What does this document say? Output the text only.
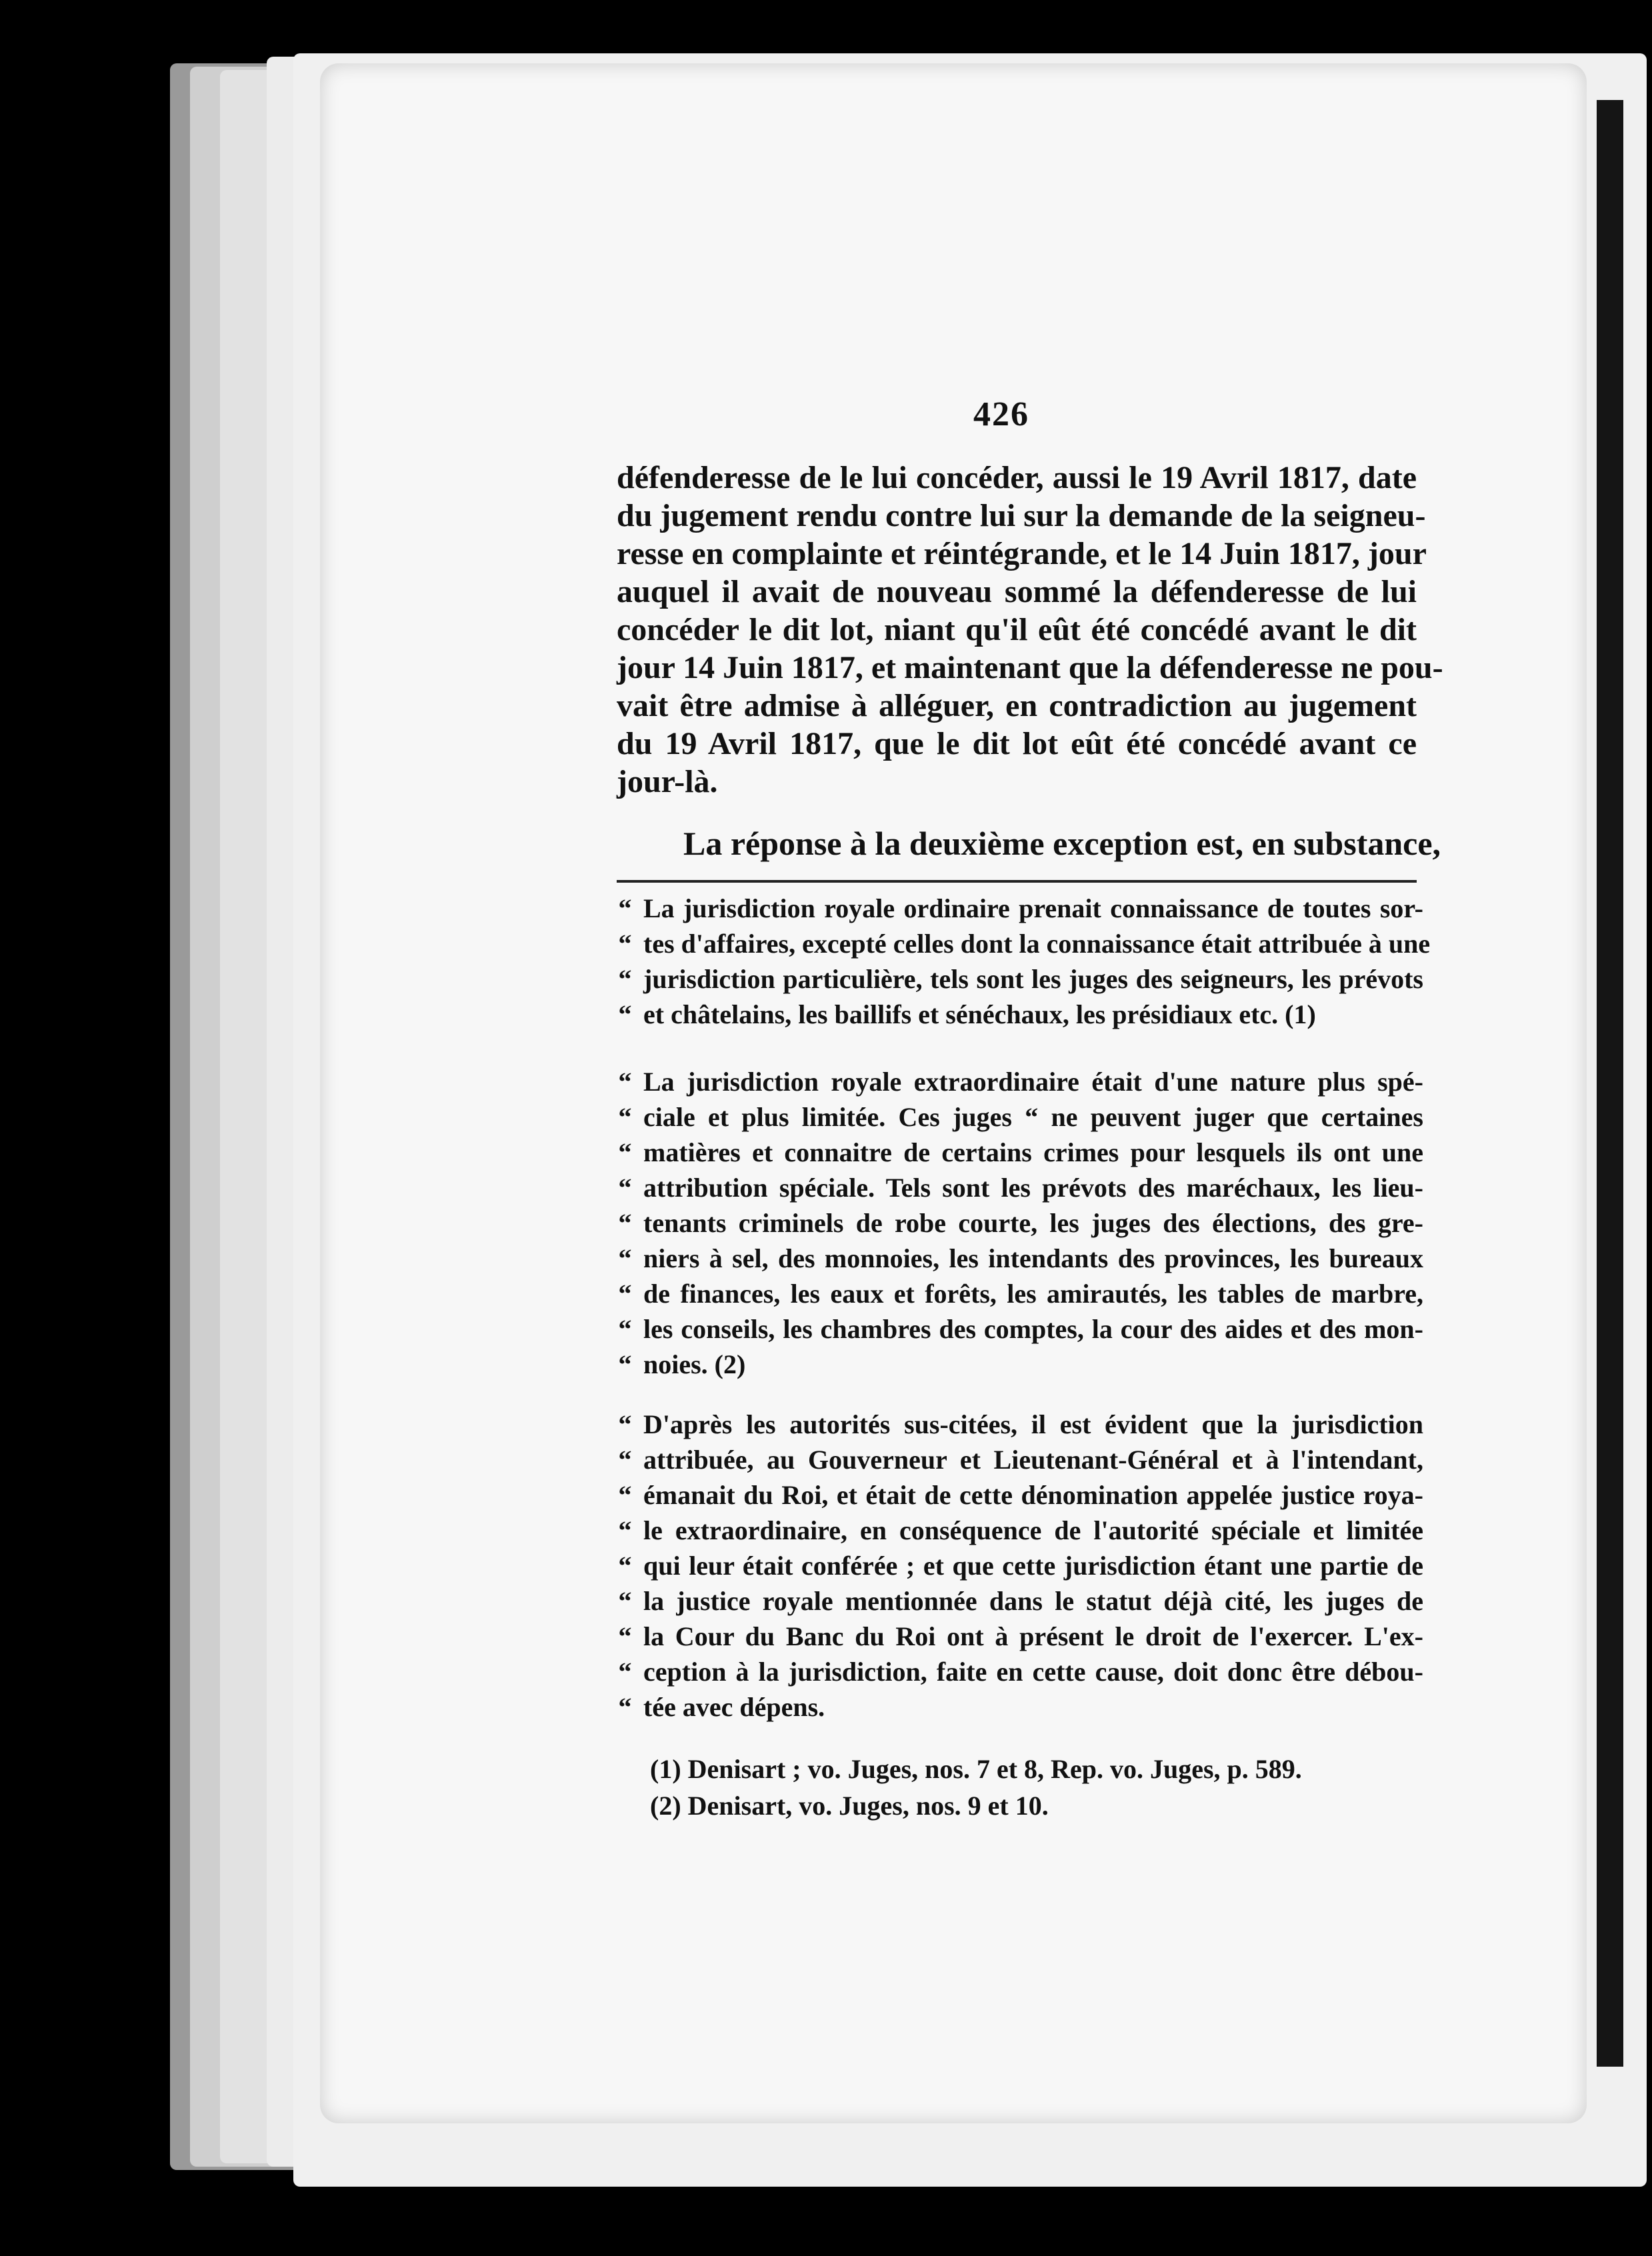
426
défenderesse de le lui concéder, aussi le 19 Avril 1817, date
du jugement rendu contre lui sur la demande de la seigneu-
resse en complainte et réintégrande, et le 14 Juin 1817, jour
auquel il avait de nouveau sommé la défenderesse de lui
concéder le dit lot, niant qu'il eût été concédé avant le dit
jour 14 Juin 1817, et maintenant que la défenderesse ne pou-
vait être admise à alléguer, en contradiction au jugement
du 19 Avril 1817, que le dit lot eût été concédé avant ce
jour-là.
La réponse à la deuxième exception est, en substance,
“ La jurisdiction royale ordinaire prenait connaissance de toutes sor-
“ tes d'affaires, excepté celles dont la connaissance était attribuée à une
“ jurisdiction particulière, tels sont les juges des seigneurs, les prévots
“ et châtelains, les baillifs et sénéchaux, les présidiaux etc. (1)
“ La jurisdiction royale extraordinaire était d'une nature plus spé-
“ ciale et plus limitée. Ces juges “ ne peuvent juger que certaines
“ matières et connaitre de certains crimes pour lesquels ils ont une
“ attribution spéciale. Tels sont les prévots des maréchaux, les lieu-
“ tenants criminels de robe courte, les juges des élections, des gre-
“ niers à sel, des monnoies, les intendants des provinces, les bureaux
“ de finances, les eaux et forêts, les amirautés, les tables de marbre,
“ les conseils, les chambres des comptes, la cour des aides et des mon-
“ noies. (2)
“ D'après les autorités sus-citées, il est évident que la jurisdiction
“ attribuée, au Gouverneur et Lieutenant-Général et à l'intendant,
“ émanait du Roi, et était de cette dénomination appelée justice roya-
“ le extraordinaire, en conséquence de l'autorité spéciale et limitée
“ qui leur était conférée ; et que cette jurisdiction étant une partie de
“ la justice royale mentionnée dans le statut déjà cité, les juges de
“ la Cour du Banc du Roi ont à présent le droit de l'exercer. L'ex-
“ ception à la jurisdiction, faite en cette cause, doit donc être débou-
“ tée avec dépens.
(1) Denisart ; vo. Juges, nos. 7 et 8, Rep. vo. Juges, p. 589.
(2) Denisart, vo. Juges, nos. 9 et 10.
